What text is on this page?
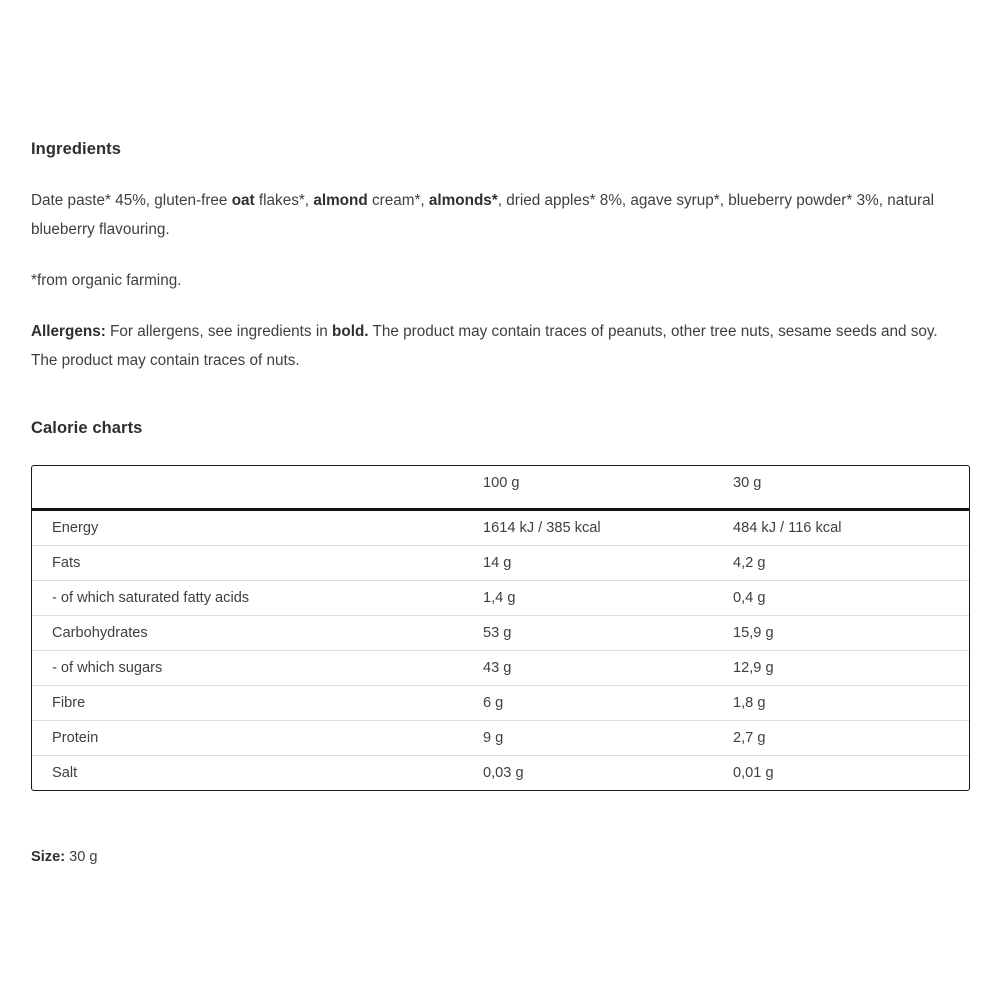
Ingredients

Date paste* 45%, gluten-free oat flakes*, almond cream*, almonds*, dried apples* 8%, agave syrup*, blueberry powder* 3%, natural blueberry flavouring.

*from organic farming.

Allergens: For allergens, see ingredients in bold. The product may contain traces of peanuts, other tree nuts, sesame seeds and soy. The product may contain traces of nuts.

Calorie charts
	100 g	30 g
Energy	1614 kJ / 385 kcal	484 kJ / 116 kcal
Fats	14 g	4,2 g
- of which saturated fatty acids	1,4 g	0,4 g
Carbohydrates	53 g	15,9 g
- of which sugars	43 g	12,9 g
Fibre	6 g	1,8 g
Protein	9 g	2,7 g
Salt	0,03 g	0,01 g
Size: 30 g
